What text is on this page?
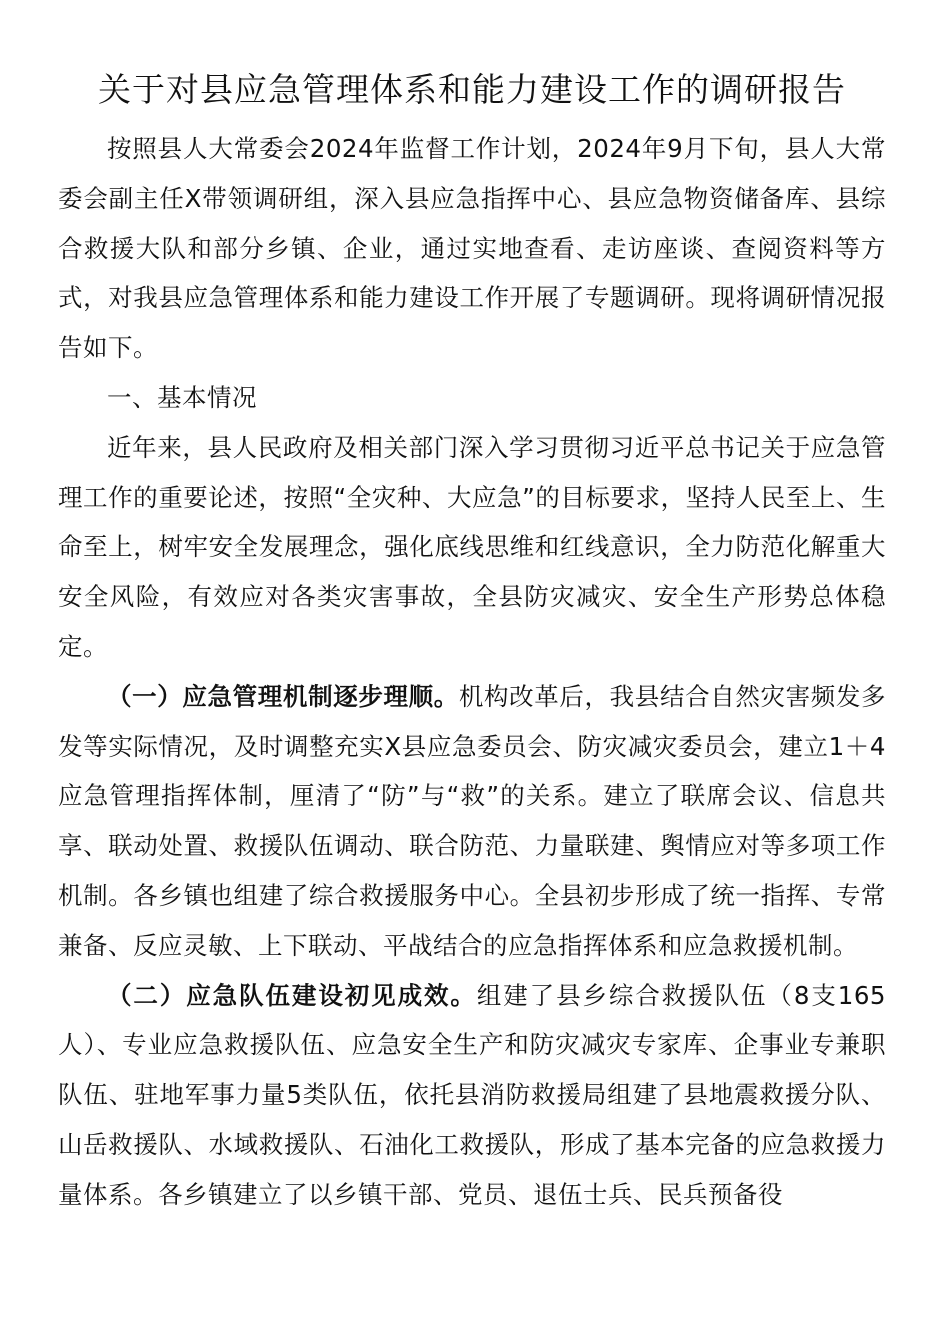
关于对县应急管理体系和能力建设工作的调研报告

按照县人大常委会2024年监督工作计划，2024年9月下旬，县人大常委会副主任X带领调研组，深入县应急指挥中心、县应急物资储备库、县综合救援大队和部分乡镇、企业，通过实地查看、走访座谈、查阅资料等方式，对我县应急管理体系和能力建设工作开展了专题调研。现将调研情况报告如下。

一、基本情况

近年来，县人民政府及相关部门深入学习贯彻习近平总书记关于应急管理工作的重要论述，按照“全灾种、大应急”的目标要求，坚持人民至上、生命至上，树牢安全发展理念，强化底线思维和红线意识，全力防范化解重大安全风险，有效应对各类灾害事故，全县防灾减灾、安全生产形势总体稳定。

（一）应急管理机制逐步理顺。机构改革后，我县结合自然灾害频发多发等实际情况，及时调整充实X县应急委员会、防灾减灾委员会，建立1＋4应急管理指挥体制，厘清了“防”与“救”的关系。建立了联席会议、信息共享、联动处置、救援队伍调动、联合防范、力量联建、舆情应对等多项工作机制。各乡镇也组建了综合救援服务中心。全县初步形成了统一指挥、专常兼备、反应灵敏、上下联动、平战结合的应急指挥体系和应急救援机制。

（二）应急队伍建设初见成效。组建了县乡综合救援队伍（8支165人）、专业应急救援队伍、应急安全生产和防灾减灾专家库、企事业专兼职队伍、驻地军事力量5类队伍，依托县消防救援局组建了县地震救援分队、山岳救援队、水域救援队、石油化工救援队，形成了基本完备的应急救援力量体系。各乡镇建立了以乡镇干部、党员、退伍士兵、民兵预备役
